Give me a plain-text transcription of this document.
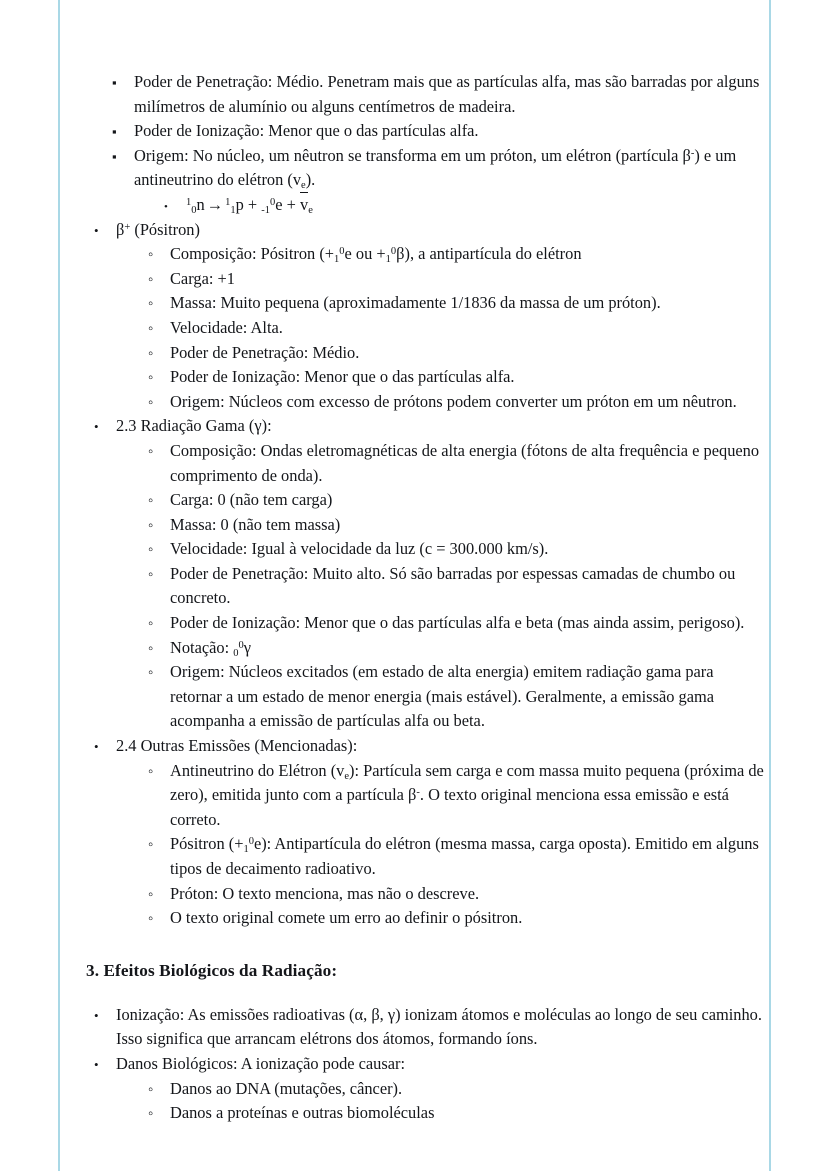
▪
Poder de Penetração: Médio. Penetram mais que as partículas alfa, mas são barradas por alguns milímetros de alumínio ou alguns centímetros de madeira.
▪
Poder de Ionização: Menor que o das partículas alfa.
▪
Origem: No núcleo, um nêutron se transforma em um próton, um elétron (partícula β-) e um antineutrino do elétron $(v_e)$.
•
$^1_0n \to ^1_1p + _{-1}^0e + v_e$
•
β+ (Pósitron)
◦
Composição: Pósitron ($+_1^0e$ ou $+_1^0\beta$), a antipartícula do elétron
◦
Carga: +1
◦
Massa: Muito pequena (aproximadamente 1/1836 da massa de um próton).
◦
Velocidade: Alta.
◦
Poder de Penetração: Médio.
◦
Poder de Ionização: Menor que o das partículas alfa.
◦
Origem: Núcleos com excesso de prótons podem converter um próton em um nêutron.
•
2.3 Radiação Gama (γ):
◦
Composição: Ondas eletromagnéticas de alta energia (fótons de alta frequência e pequeno comprimento de onda).
◦
Carga: 0 (não tem carga)
◦
Massa: 0 (não tem massa)
◦
Velocidade: Igual à velocidade da luz (c = 300.000 km/s).
◦
Poder de Penetração: Muito alto. Só são barradas por espessas camadas de chumbo ou concreto.
◦
Poder de Ionização: Menor que o das partículas alfa e beta (mas ainda assim, perigoso).
◦
Notação: $_0^0$γ
◦
Origem: Núcleos excitados (em estado de alta energia) emitem radiação gama para retornar a um estado de menor energia (mais estável). Geralmente, a emissão gama acompanha a emissão de partículas alfa ou beta.
•
2.4 Outras Emissões (Mencionadas):
◦
Antineutrino do Elétron $(v_e)$: Partícula sem carga e com massa muito pequena (próxima de zero), emitida junto com a partícula β-. O texto original menciona essa emissão e está correto.
◦
Pósitron $(+_1^0e)$: Antipartícula do elétron (mesma massa, carga oposta). Emitido em alguns tipos de decaimento radioativo.
◦
Próton: O texto menciona, mas não o descreve.
◦
O texto original comete um erro ao definir o pósitron.
3. Efeitos Biológicos da Radiação:
•
Ionização: As emissões radioativas (α, β, γ) ionizam átomos e moléculas ao longo de seu caminho. Isso significa que arrancam elétrons dos átomos, formando íons.
•
Danos Biológicos: A ionização pode causar:
◦
Danos ao DNA (mutações, câncer).
◦
Danos a proteínas e outras biomoléculas
